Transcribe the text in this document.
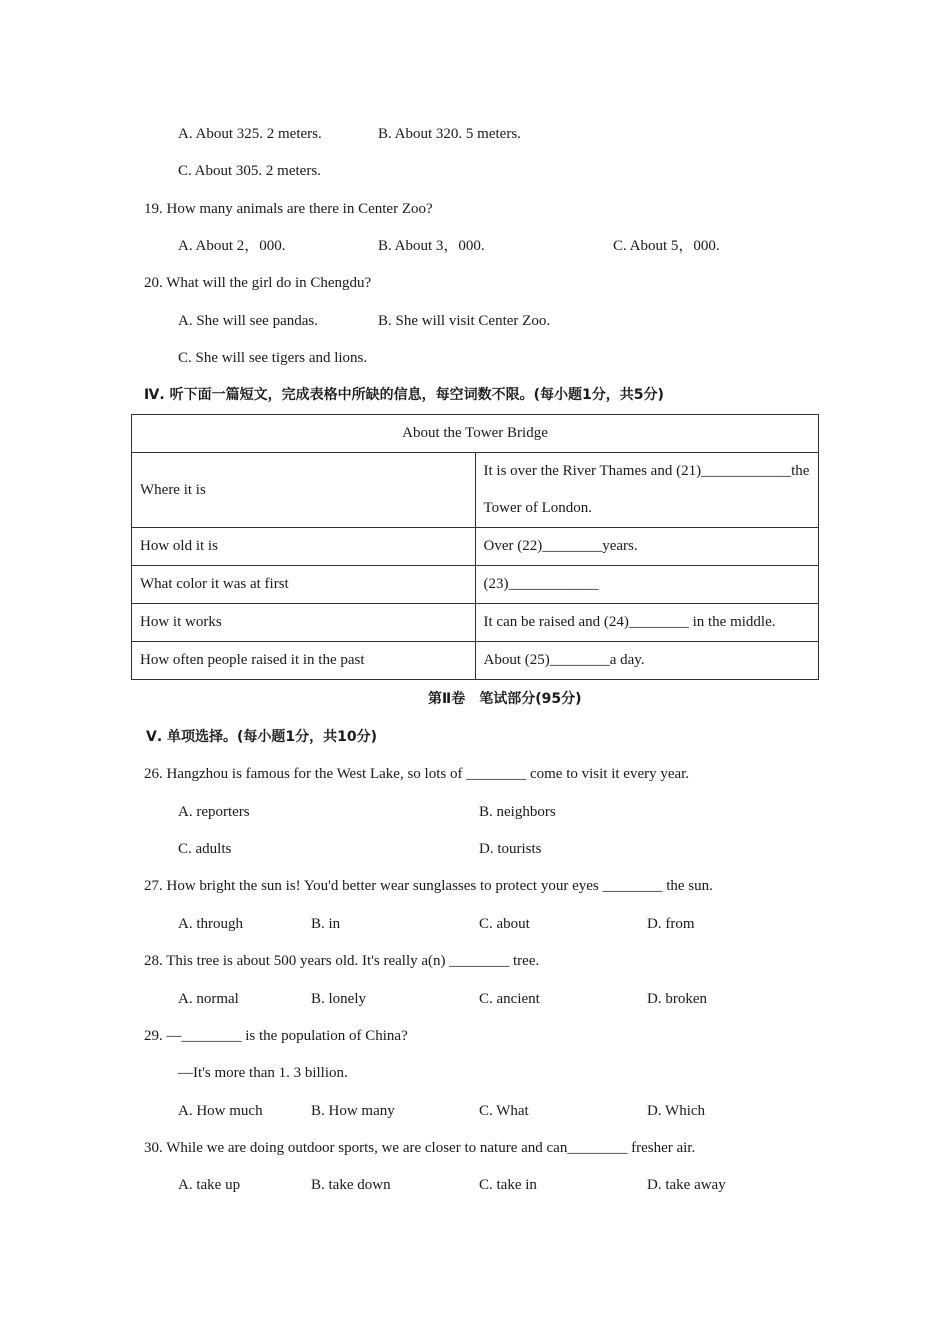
A. About 325. 2 meters.	B. About 320. 5 meters.
C. About 305. 2 meters.
19. How many animals are there in Center Zoo?
A. About 2，000.	B. About 3，000.	C. About 5，000.
20. What will the girl do in Chengdu?
A. She will see pandas.	B. She will visit Center Zoo.
C. She will see tigers and lions.
Ⅳ. 听下面一篇短文，完成表格中所缺的信息，每空词数不限。(每小题1分，共5分)
About the Tower Bridge	
Where it is	It is over the River Thames and (21)____________the Tower of London.
How old it is	Over (22)________years.
What color it was at first	(23)____________
How it works	It can be raised and (24)________ in the middle.
How often people raised it in the past	About (25)________a day.
第Ⅱ卷　笔试部分(95分)
Ⅴ. 单项选择。(每小题1分，共10分)
26. Hangzhou is famous for the West Lake, so lots of ________ come to visit it every year.
A. reporters	B. neighbors
C. adults	D. tourists
27. How bright the sun is! You'd better wear sunglasses to protect your eyes ________ the sun.
A. through	B. in	C. about	D. from
28. This tree is about 500 years old. It's really a(n) ________ tree.
A. normal	B. lonely	C. ancient	D. broken
29. —________ is the population of China?
—It's more than 1. 3 billion.
A. How much	B. How many	C. What	D. Which
30. While we are doing outdoor sports, we are closer to nature and can________ fresher air.
A. take up	B. take down	C. take in	D. take away
